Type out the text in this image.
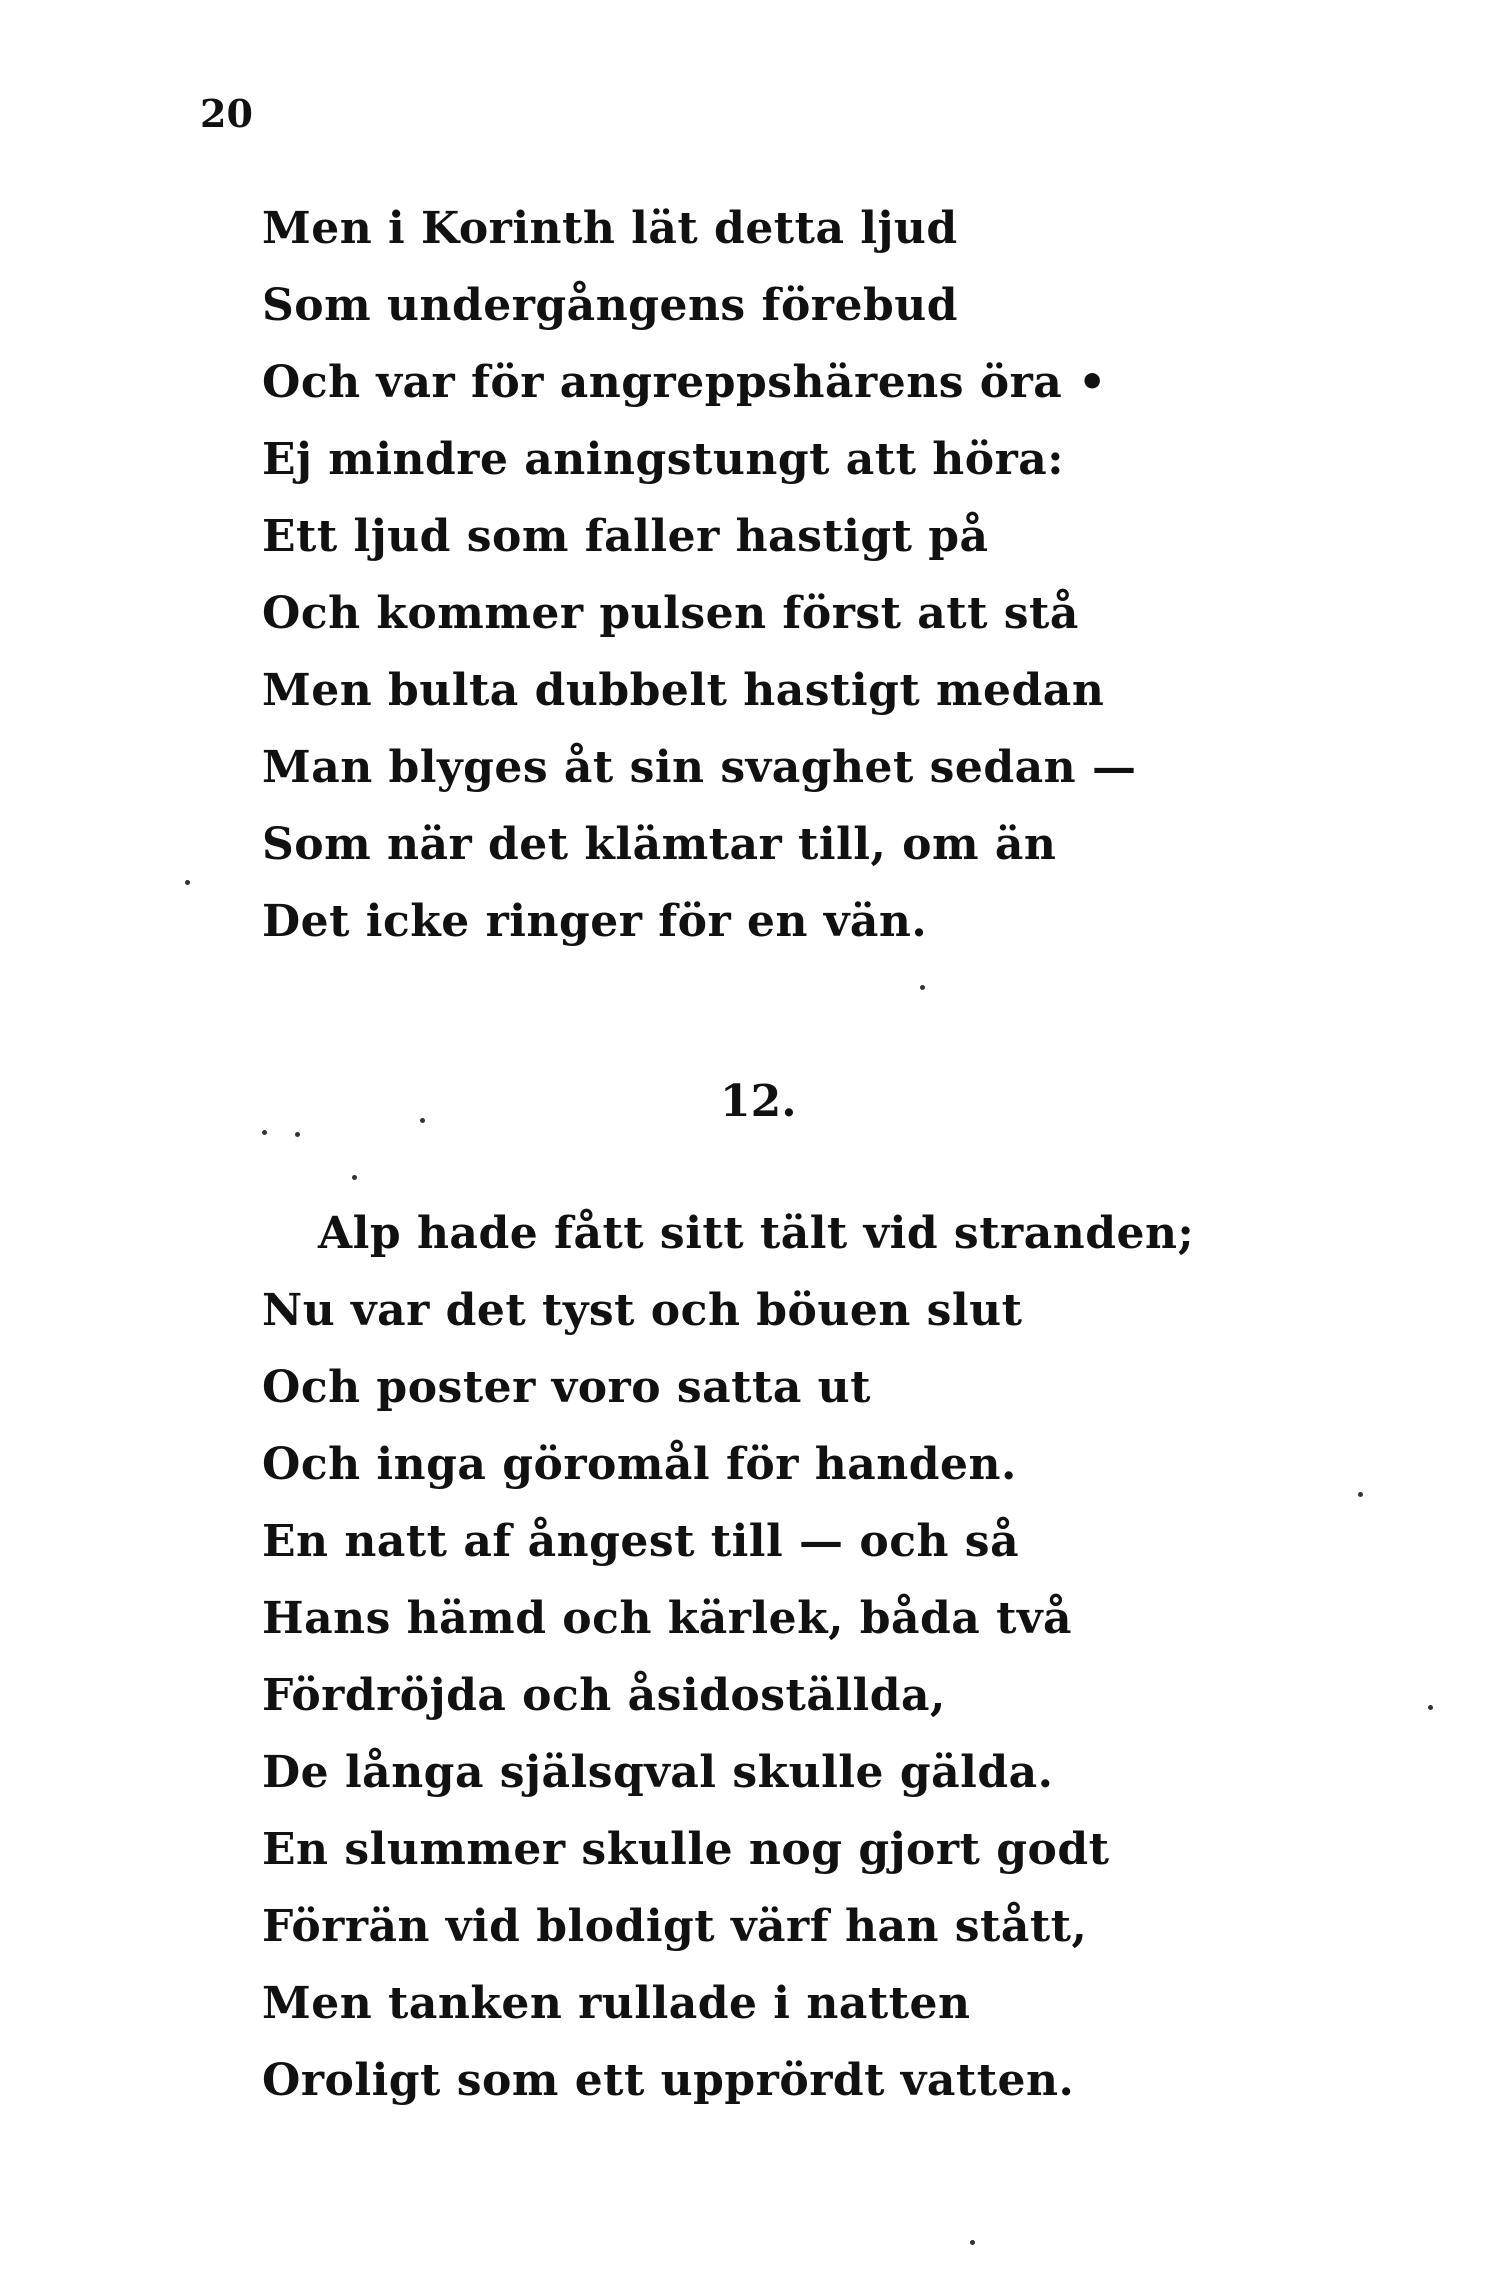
20
Men i Korinth lät detta ljud
Som undergångens förebud
Och var för angreppshärens öra •
Ej mindre aningstungt att höra:
Ett ljud som faller hastigt på
Och kommer pulsen först att stå
Men bulta dubbelt hastigt medan
Man blyges åt sin svaghet sedan —
Som när det klämtar till, om än
Det icke ringer för en vän.
12.
Alp hade fått sitt tält vid stranden;
Nu var det tyst och böuen slut
Och poster voro satta ut
Och inga göromål för handen.
En natt af ångest till — och så
Hans hämd och kärlek, båda två
Fördröjda och åsidoställda,
De långa själsqval skulle gälda.
En slummer skulle nog gjort godt
Förrän vid blodigt värf han stått,
Men tanken rullade i natten
Oroligt som ett upprördt vatten.
